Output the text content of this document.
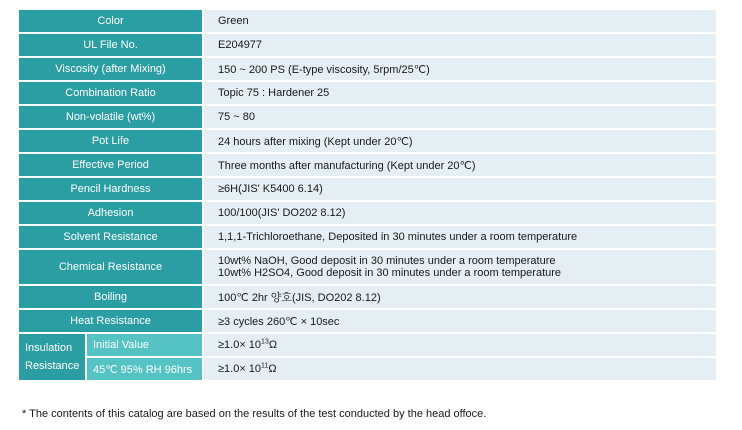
Color		Green
UL File No.		E204977
Viscosity (after Mixing)		150 ~ 200 PS (E-type viscosity, 5rpm/25℃)
Combination Ratio		Topic 75 : Hardener 25
Non-volatile (wt%)		75 ~ 80
Pot Life		24 hours after mixing (Kept under 20℃)
Effective Period		Three months after manufacturing (Kept under 20℃)
Pencil Hardness		≥6H(JIS' K5400 6.14)
Adhesion		100/100(JIS' DO202 8.12)
Solvent Resistance		1,1,1-Trichloroethane, Deposited in 30 minutes under a room temperature
Chemical Resistance		10wt% NaOH, Good deposit in 30 minutes under a room temperature
10wt% H2SO4, Good deposit in 30 minutes under a room temperature

Boiling		100℃ 2hr 양호(JIS, DO202 8.12)
Heat Resistance		≥3 cycles 260℃ × 10sec

Insulation
Resistance	Initial Value	$\ge 1.0\times 10^{13}\Omega$
	45℃ 95% RH 96hrs	$\ge 1.0\times 10^{11}\Omega$
* The contents of this catalog are based on the results of the test conducted by the head offoce.
